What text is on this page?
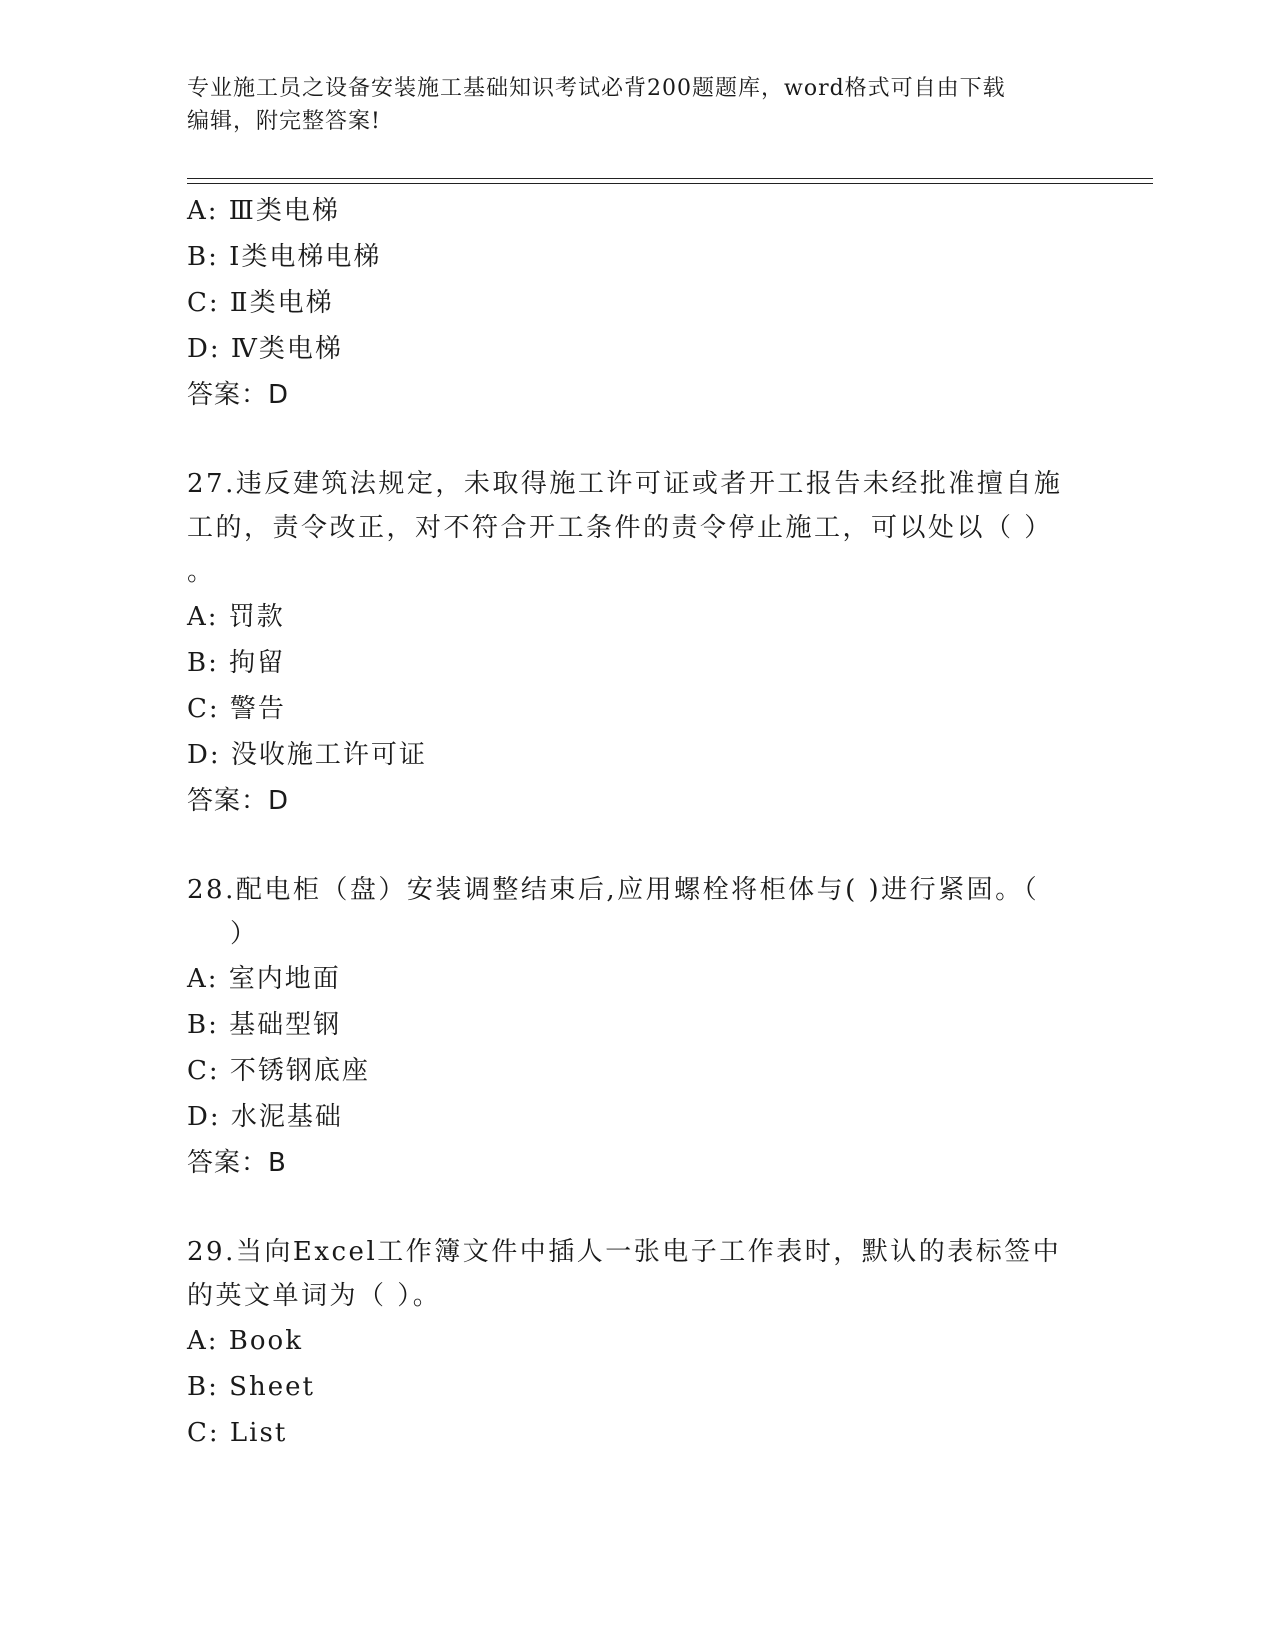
专业施工员之设备安装施工基础知识考试必背200题题库，word格式可自由下载
编辑，附完整答案!
A: Ⅲ类电梯
B: Ⅰ类电梯电梯
C: Ⅱ类电梯
D: Ⅳ类电梯
答案：D
27.违反建筑法规定，未取得施工许可证或者开工报告未经批准擅自施
工的，责令改正，对不符合开工条件的责令停止施工，可以处以（ ）
。
A: 罚款
B: 拘留
C: 警告
D: 没收施工许可证
答案：D
28.配电柜（盘）安装调整结束后,应用螺栓将柜体与( )进行紧固。（
）
A: 室内地面
B: 基础型钢
C: 不锈钢底座
D: 水泥基础
答案：B
29.当向Excel工作簿文件中插人一张电子工作表时，默认的表标签中
的英文单词为（ ）。
A: Book
B: Sheet
C: List
